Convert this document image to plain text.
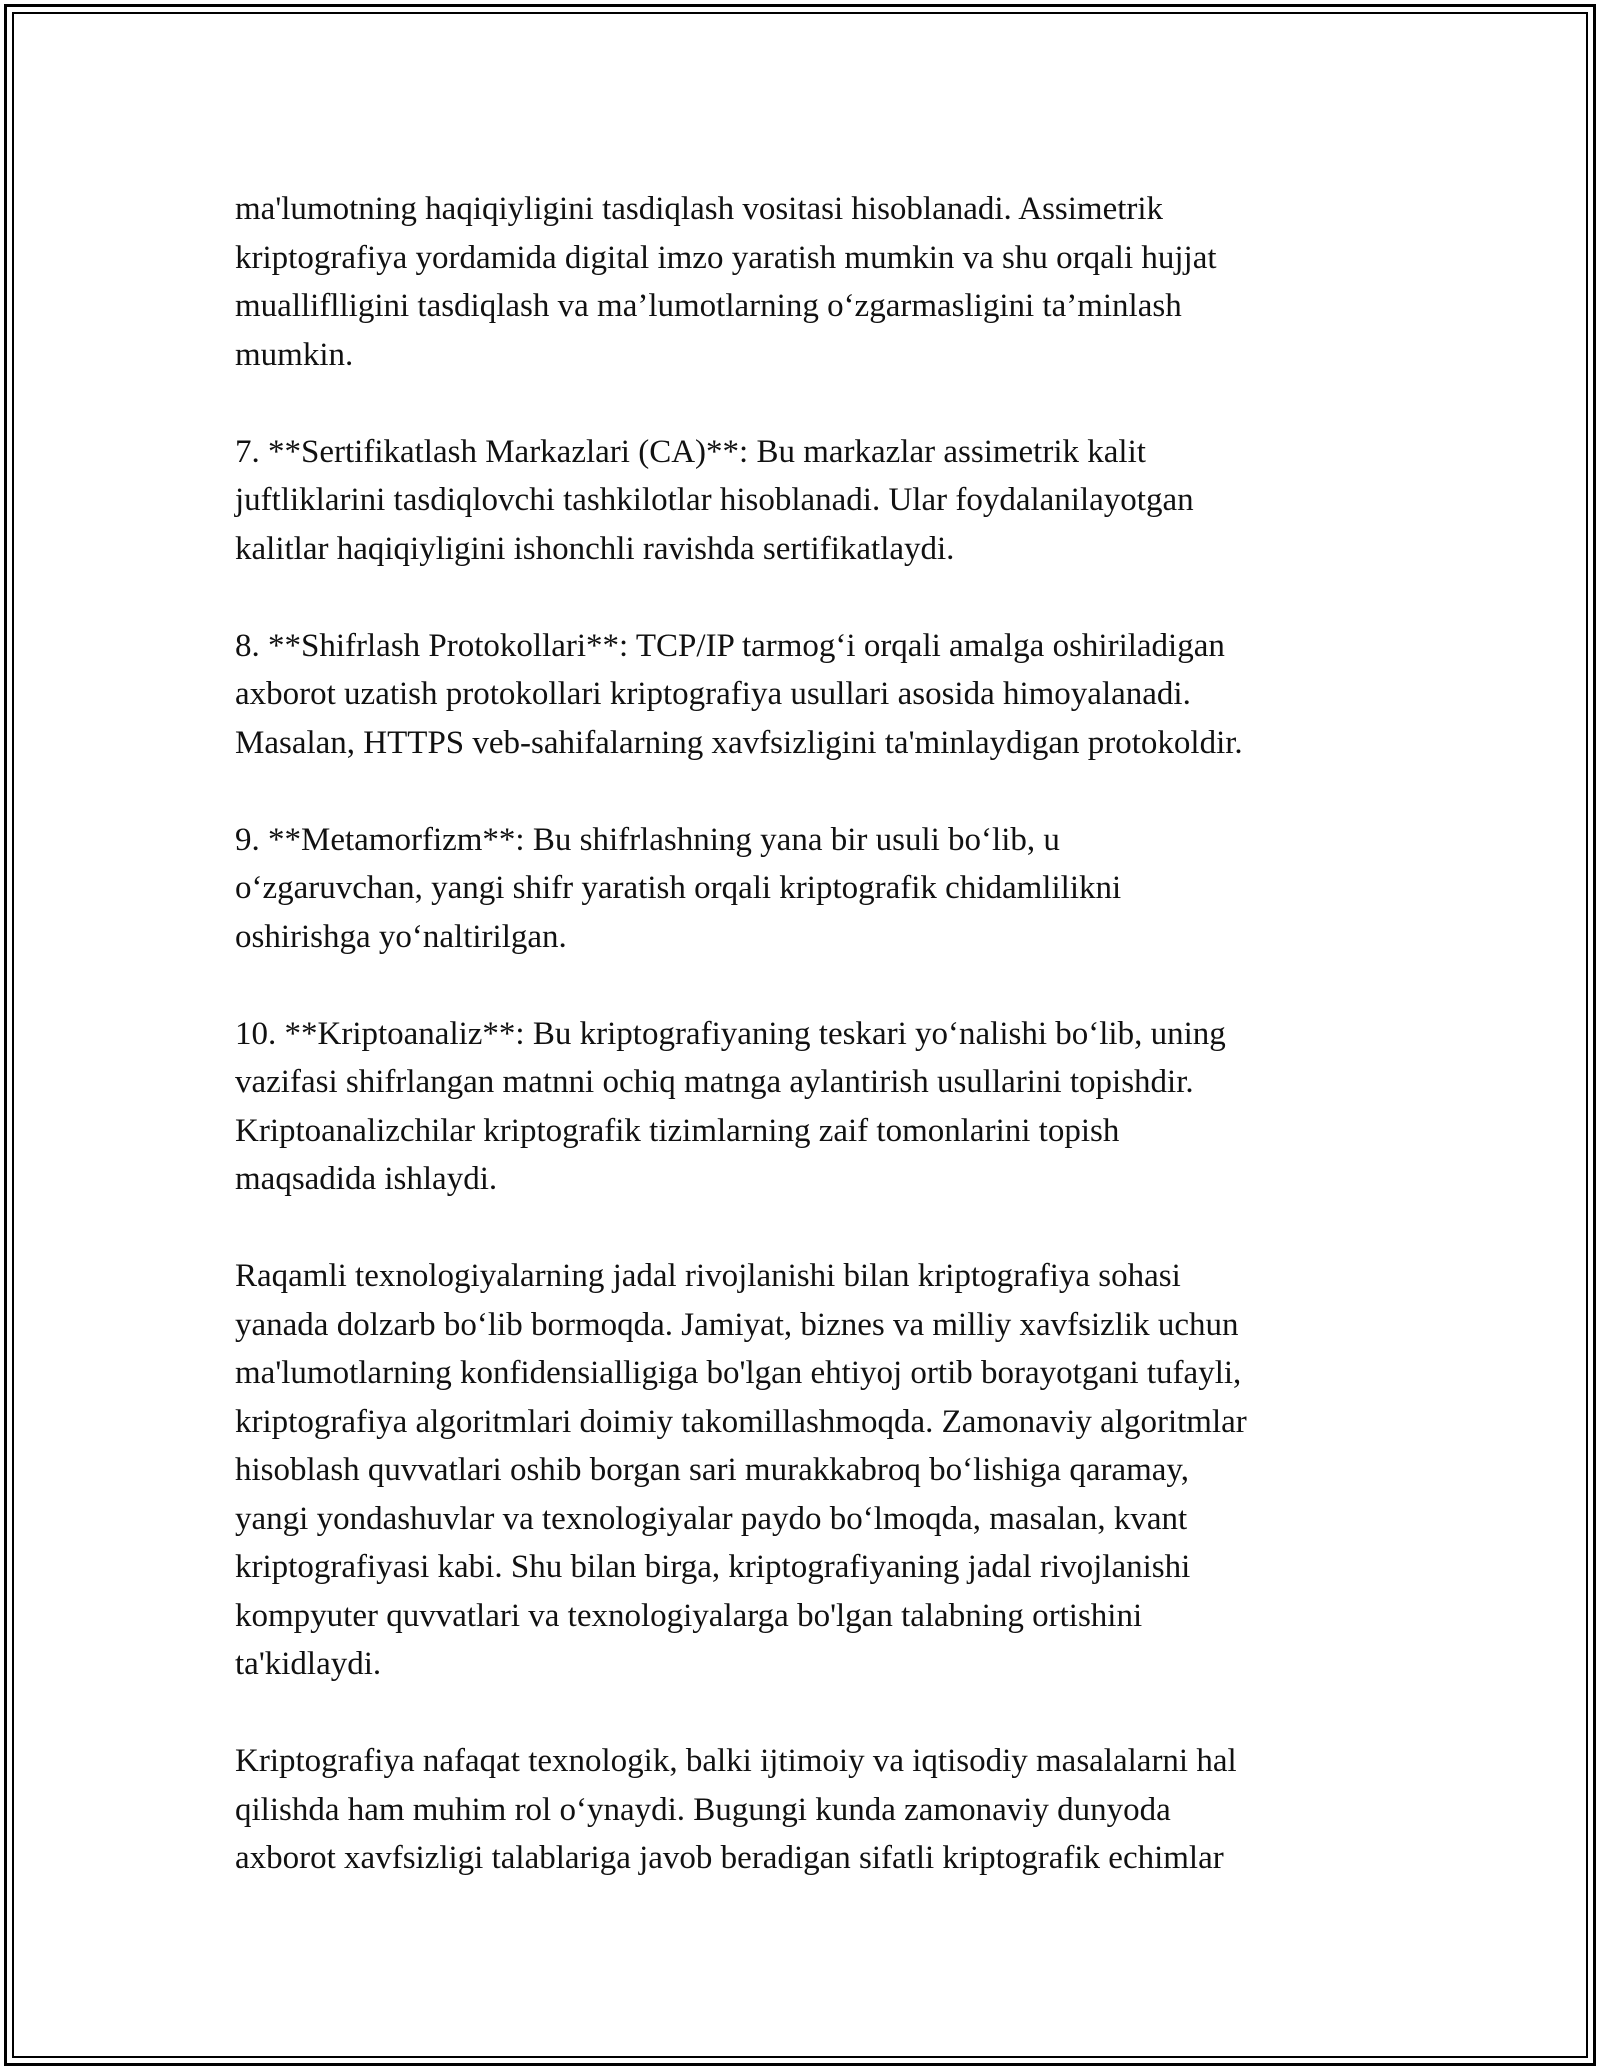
ma'lumotning haqiqiyligini tasdiqlash vositasi hisoblanadi. Assimetrik
kriptografiya yordamida digital imzo yaratish mumkin va shu orqali hujjat
mualliflligini tasdiqlash va ma’lumotlarning o‘zgarmasligini ta’minlash
mumkin.

7. **Sertifikatlash Markazlari (CA)**: Bu markazlar assimetrik kalit
juftliklarini tasdiqlovchi tashkilotlar hisoblanadi. Ular foydalanilayotgan
kalitlar haqiqiyligini ishonchli ravishda sertifikatlaydi.

8. **Shifrlash Protokollari**: TCP/IP tarmog‘i orqali amalga oshiriladigan
axborot uzatish protokollari kriptografiya usullari asosida himoyalanadi.
Masalan, HTTPS veb-sahifalarning xavfsizligini ta'minlaydigan protokoldir.

9. **Metamorfizm**: Bu shifrlashning yana bir usuli bo‘lib, u
o‘zgaruvchan, yangi shifr yaratish orqali kriptografik chidamlilikni
oshirishga yo‘naltirilgan.

10. **Kriptoanaliz**: Bu kriptografiyaning teskari yo‘nalishi bo‘lib, uning
vazifasi shifrlangan matnni ochiq matnga aylantirish usullarini topishdir.
Kriptoanalizchilar kriptografik tizimlarning zaif tomonlarini topish
maqsadida ishlaydi.

Raqamli texnologiyalarning jadal rivojlanishi bilan kriptografiya sohasi
yanada dolzarb bo‘lib bormoqda. Jamiyat, biznes va milliy xavfsizlik uchun
ma'lumotlarning konfidensialligiga bo'lgan ehtiyoj ortib borayotgani tufayli,
kriptografiya algoritmlari doimiy takomillashmoqda. Zamonaviy algoritmlar
hisoblash quvvatlari oshib borgan sari murakkabroq bo‘lishiga qaramay,
yangi yondashuvlar va texnologiyalar paydo bo‘lmoqda, masalan, kvant
kriptografiyasi kabi. Shu bilan birga, kriptografiyaning jadal rivojlanishi
kompyuter quvvatlari va texnologiyalarga bo'lgan talabning ortishini
ta'kidlaydi.

Kriptografiya nafaqat texnologik, balki ijtimoiy va iqtisodiy masalalarni hal
qilishda ham muhim rol o‘ynaydi. Bugungi kunda zamonaviy dunyoda
axborot xavfsizligi talablariga javob beradigan sifatli kriptografik echimlar
